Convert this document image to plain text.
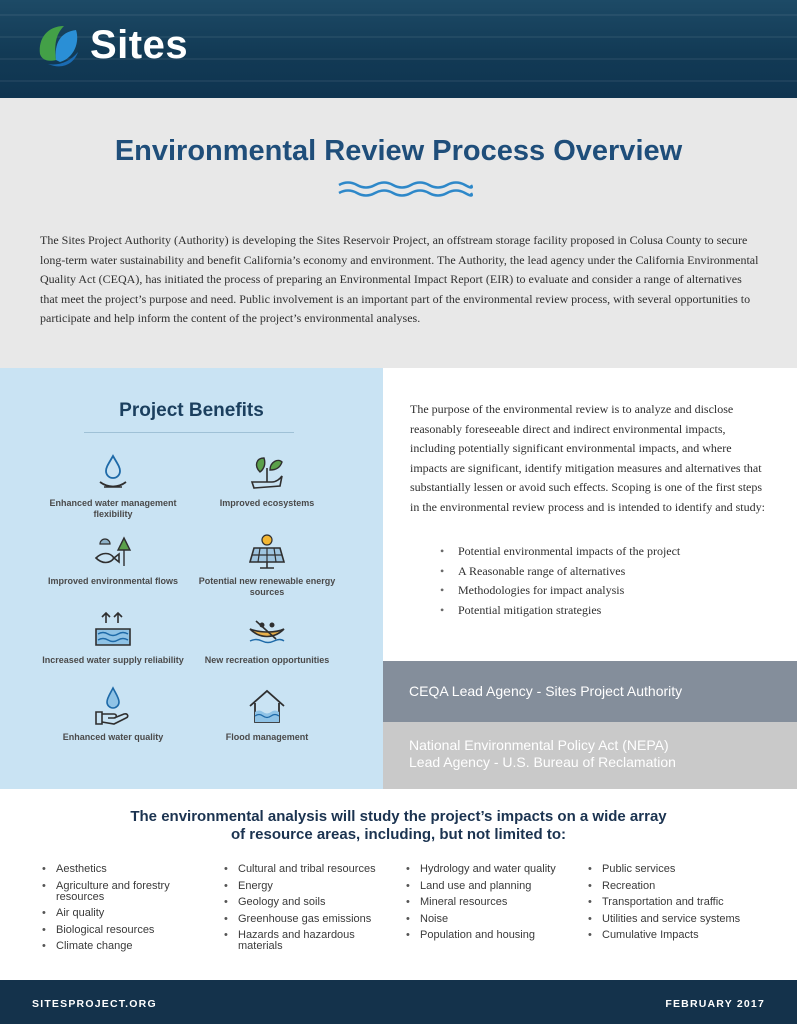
Sites
Environmental Review Process Overview

The Sites Project Authority (Authority) is developing the Sites Reservoir Project, an offstream storage facility proposed in Colusa County to secure long-term water sustainability and benefit California’s economy and environment. The Authority, the lead agency under the California Environmental Quality Act (CEQA), has initiated the process of preparing an Environmental Impact Report (EIR) to evaluate and consider a range of alternatives that meet the project’s purpose and need. Public involvement is an important part of the environmental review process, with several opportunities to participate and help inform the content of the project’s environmental analyses.

Project Benefits
Enhanced water management flexibility
Improved ecosystems
Improved environmental flows	Potential new renewable energy sources
Increased water supply reliability	New recreation opportunities
Enhanced water quality	Flood management

The purpose of the environmental review is to analyze and disclose reasonably foreseeable direct and indirect environmental impacts, including potentially significant environmental impacts, and where impacts are significant, identify mitigation measures and alternatives that substantially lessen or avoid such effects. Scoping is one of the first steps in the environmental review process and is intended to identify and study:

• Potential environmental impacts of the project
• A Reasonable range of alternatives
• Methodologies for impact analysis
• Potential mitigation strategies
CEQA Lead Agency - Sites Project Authority
National Environmental Policy Act (NEPA)
Lead Agency - U.S. Bureau of Reclamation
The environmental analysis will study the project’s impacts on a wide array
of resource areas, including, but not limited to:
• Aesthetics
• Agriculture and forestry resources
• Air quality
• Biological resources
• Climate change
• Cultural and tribal resources
• Energy
• Geology and soils
• Greenhouse gas emissions
• Hazards and hazardous materials
• Hydrology and water quality
• Land use and planning
• Mineral resources
• Noise
• Population and housing
• Public services
• Recreation
• Transportation and traffic
• Utilities and service systems
• Cumulative Impacts
SITESPROJECT.ORG	FEBRUARY 2017
